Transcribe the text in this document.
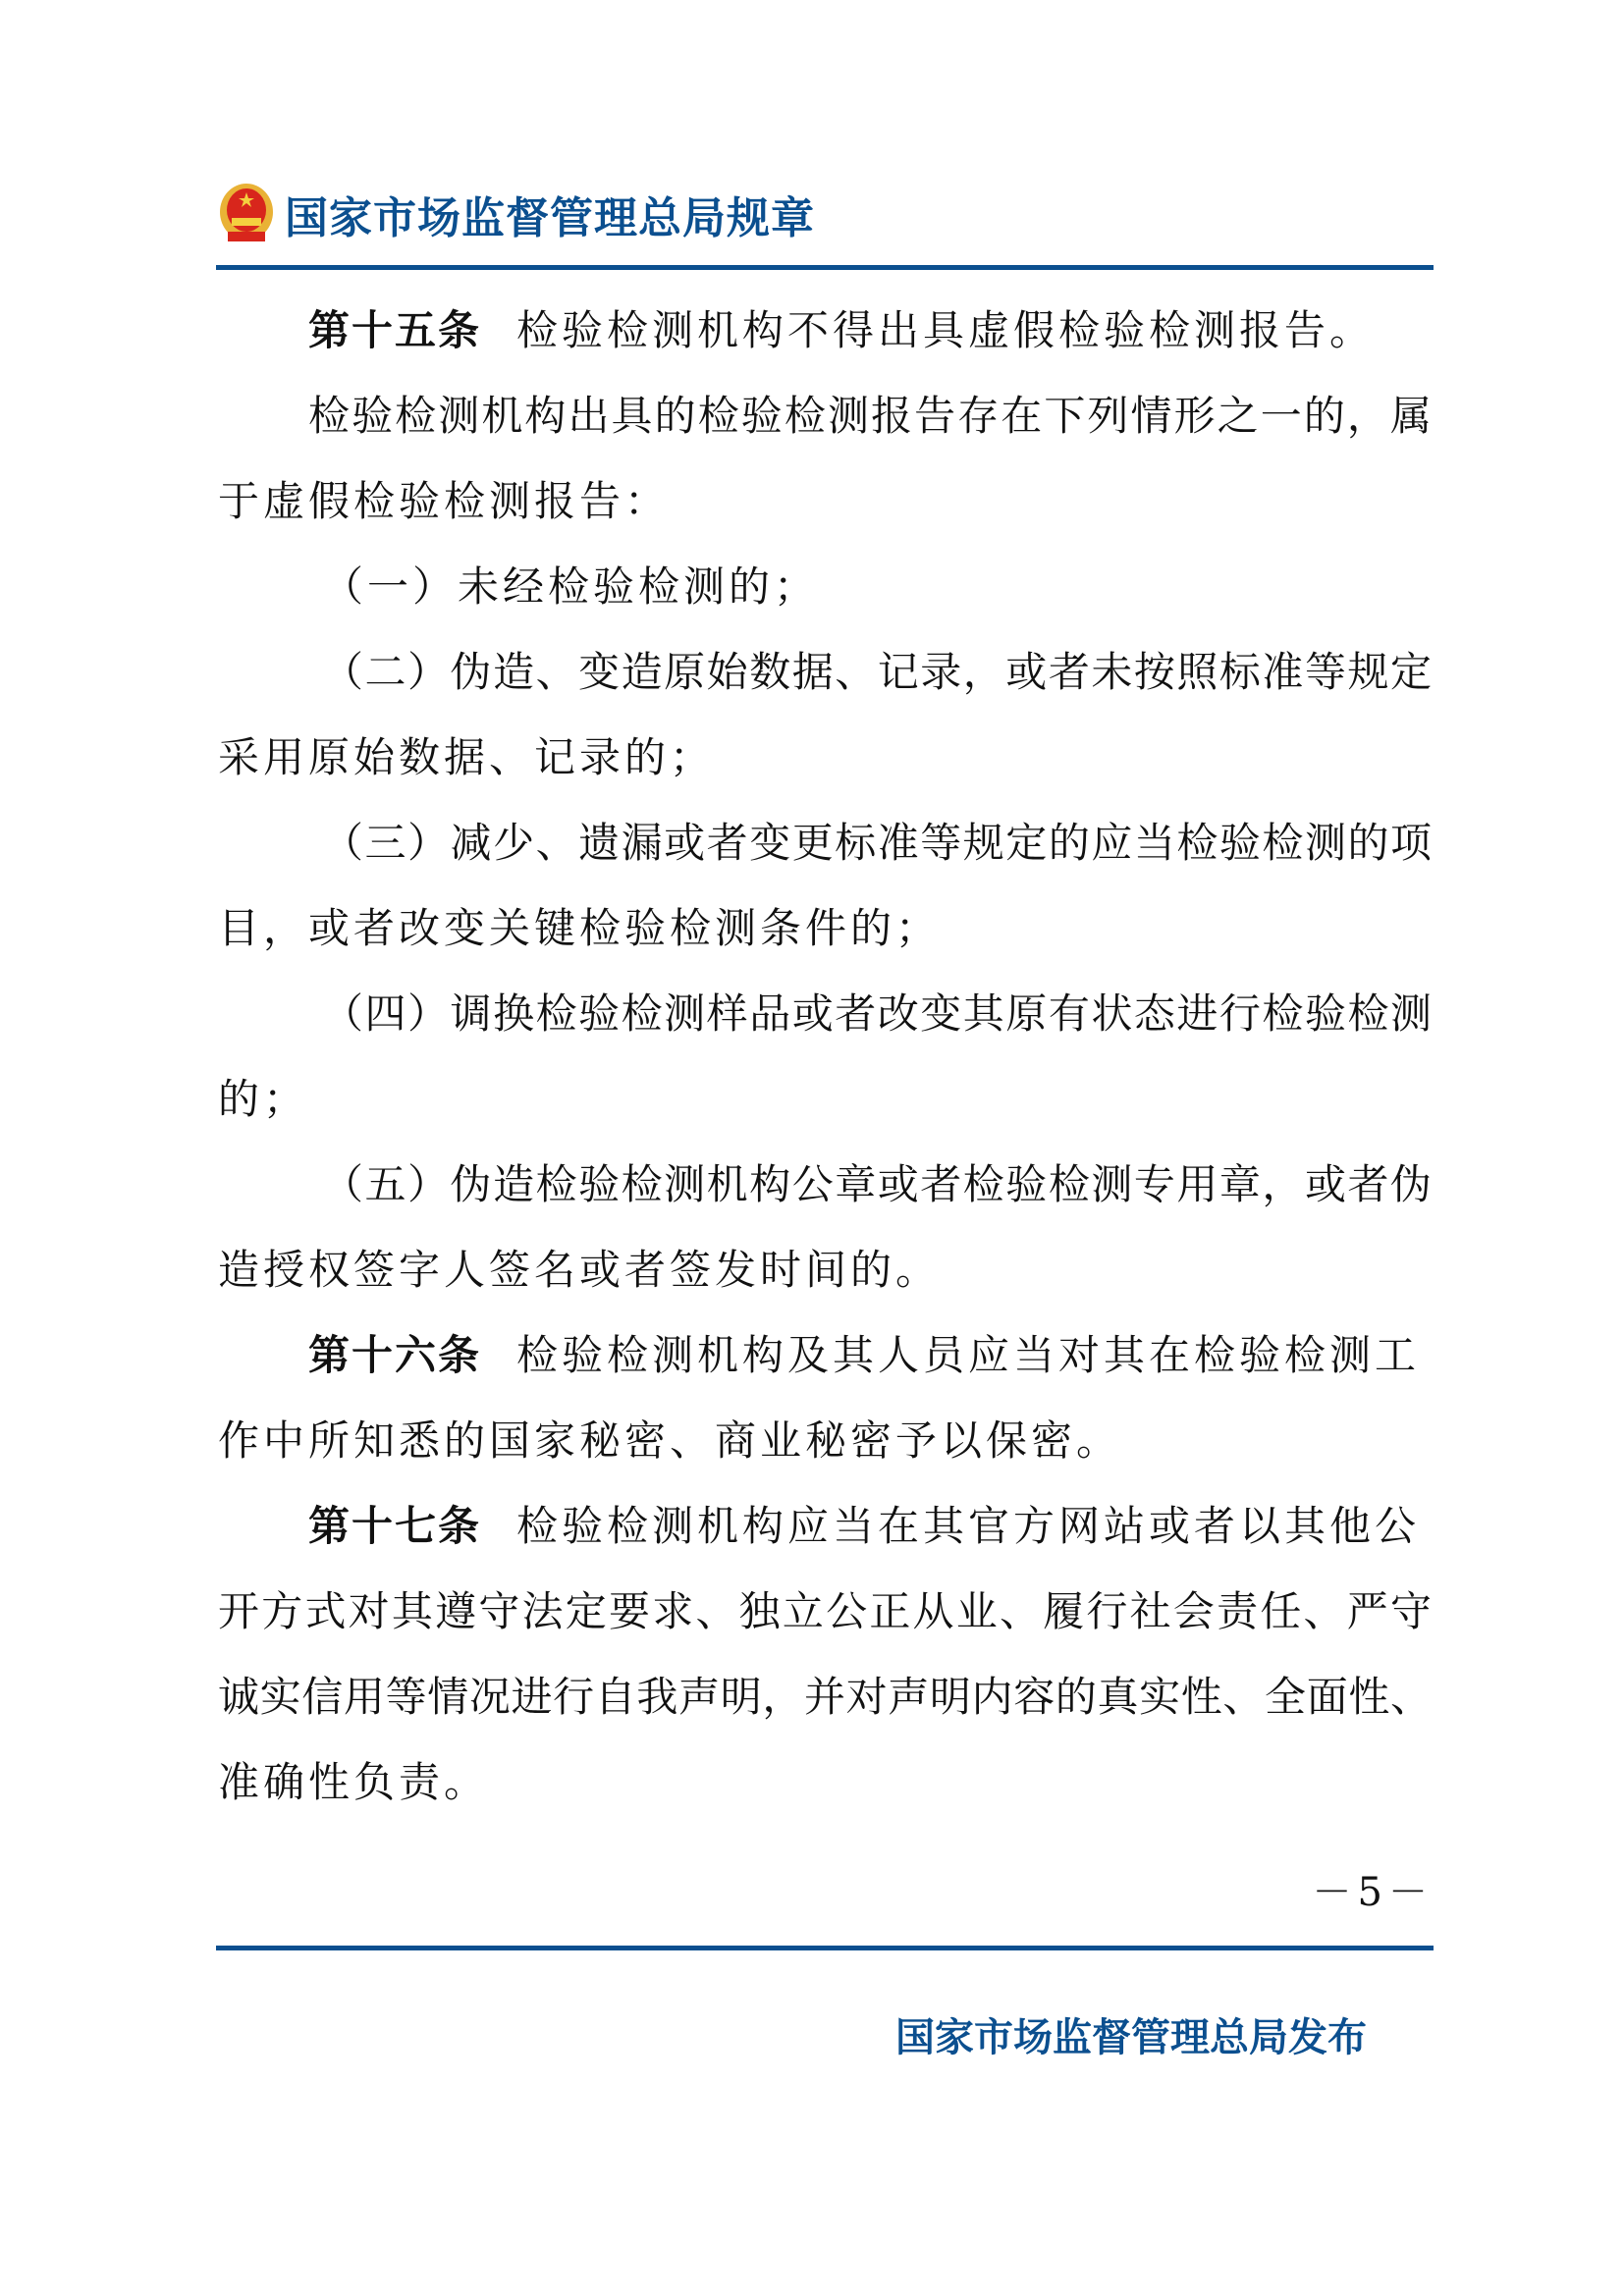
国家市场监督管理总局规章
第十五条 检验检测机构不得出具虚假检验检测报告。
检验检测机构出具的检验检测报告存在下列情形之一的，属
于虚假检验检测报告：
（一）未经检验检测的；
（二）伪造、变造原始数据、记录，或者未按照标准等规定
采用原始数据、记录的；
（三）减少、遗漏或者变更标准等规定的应当检验检测的项
目，或者改变关键检验检测条件的；
（四）调换检验检测样品或者改变其原有状态进行检验检测
的；
（五）伪造检验检测机构公章或者检验检测专用章，或者伪
造授权签字人签名或者签发时间的。
第十六条 检验检测机构及其人员应当对其在检验检测工
作中所知悉的国家秘密、商业秘密予以保密。
第十七条 检验检测机构应当在其官方网站或者以其他公
开方式对其遵守法定要求、独立公正从业、履行社会责任、严守
诚实信用等情况进行自我声明，并对声明内容的真实性、全面性、
准确性负责。
－5－
国家市场监督管理总局发布
